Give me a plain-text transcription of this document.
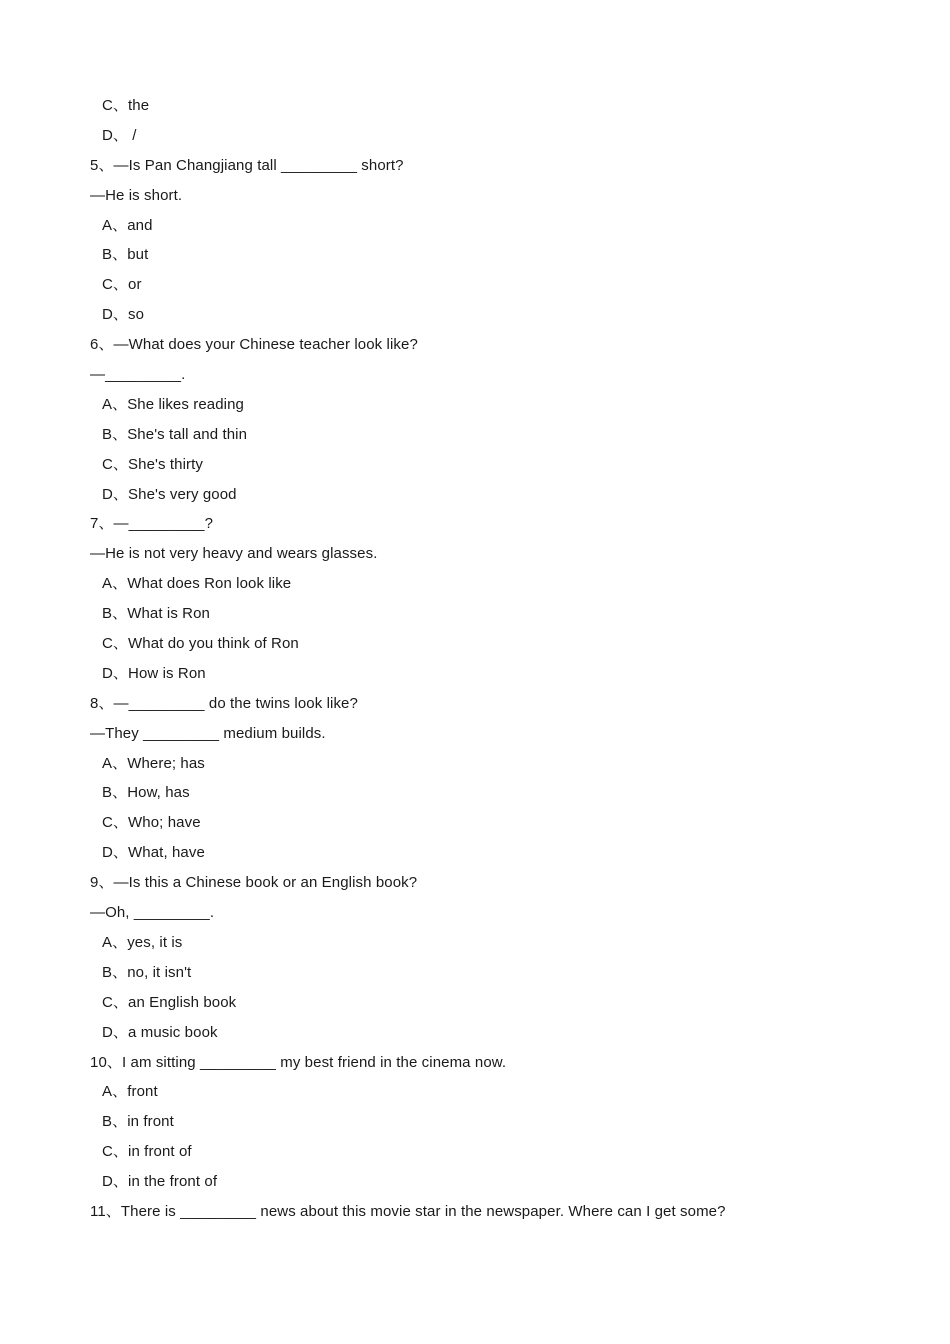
C、the
D、 /
5、—Is Pan Changjiang tall _________ short?
—He is short.
A、and
B、but
C、or
D、so
6、—What does your Chinese teacher look like?
—_________.
A、She likes reading
B、She's tall and thin
C、She's thirty
D、She's very good
7、—_________?
—He is not very heavy and wears glasses.
A、What does Ron look like
B、What is Ron
C、What do you think of Ron
D、How is Ron
8、—_________ do the twins look like?
—They _________ medium builds.
A、Where; has
B、How, has
C、Who; have
D、What, have
9、—Is this a Chinese book or an English book?
—Oh, _________.
A、yes, it is
B、no, it isn't
C、an English book
D、a music book
10、I am sitting _________ my best friend in the cinema now.
A、front
B、in front
C、in front of
D、in the front of
11、There is _________ news about this movie star in the newspaper. Where can I get some?
